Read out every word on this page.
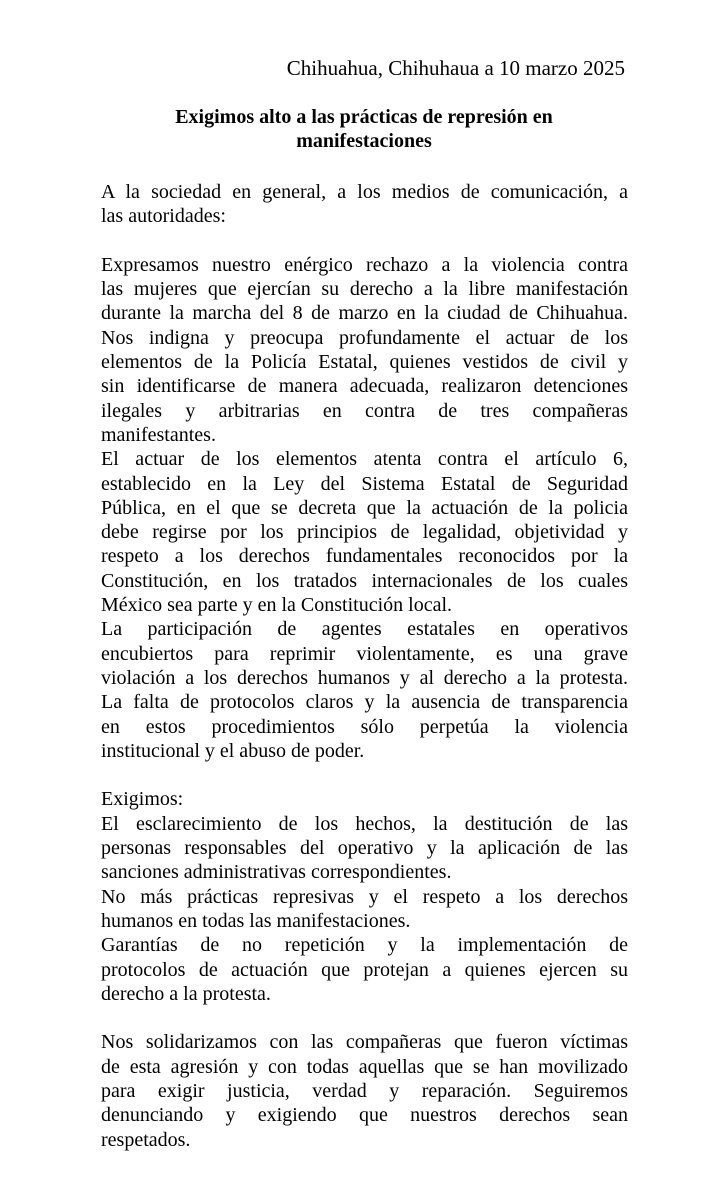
Chihuahua, Chihuhaua a 10 marzo 2025
Exigimos alto a las prácticas de represión en
manifestaciones
A la sociedad en general, a los medios de comunicación, a
las autoridades:
Expresamos nuestro enérgico rechazo a la violencia contra
las mujeres que ejercían su derecho a la libre manifestación
durante la marcha del 8 de marzo en la ciudad de Chihuahua.
Nos indigna y preocupa profundamente el actuar de los
elementos de la Policía Estatal, quienes vestidos de civil y
sin identificarse de manera adecuada, realizaron detenciones
ilegales y arbitrarias en contra de tres compañeras
manifestantes.
El actuar de los elementos atenta contra el artículo 6,
establecido en la Ley del Sistema Estatal de Seguridad
Pública, en el que se decreta que la actuación de la policia
debe regirse por los principios de legalidad, objetividad y
respeto a los derechos fundamentales reconocidos por la
Constitución, en los tratados internacionales de los cuales
México sea parte y en la Constitución local.
La participación de agentes estatales en operativos
encubiertos para reprimir violentamente, es una grave
violación a los derechos humanos y al derecho a la protesta.
La falta de protocolos claros y la ausencia de transparencia
en estos procedimientos sólo perpetúa la violencia
institucional y el abuso de poder.
Exigimos:
El esclarecimiento de los hechos, la destitución de las
personas responsables del operativo y la aplicación de las
sanciones administrativas correspondientes.
No más prácticas represivas y el respeto a los derechos
humanos en todas las manifestaciones.
Garantías de no repetición y la implementación de
protocolos de actuación que protejan a quienes ejercen su
derecho a la protesta.
Nos solidarizamos con las compañeras que fueron víctimas
de esta agresión y con todas aquellas que se han movilizado
para exigir justicia, verdad y reparación. Seguiremos
denunciando y exigiendo que nuestros derechos sean
respetados.
